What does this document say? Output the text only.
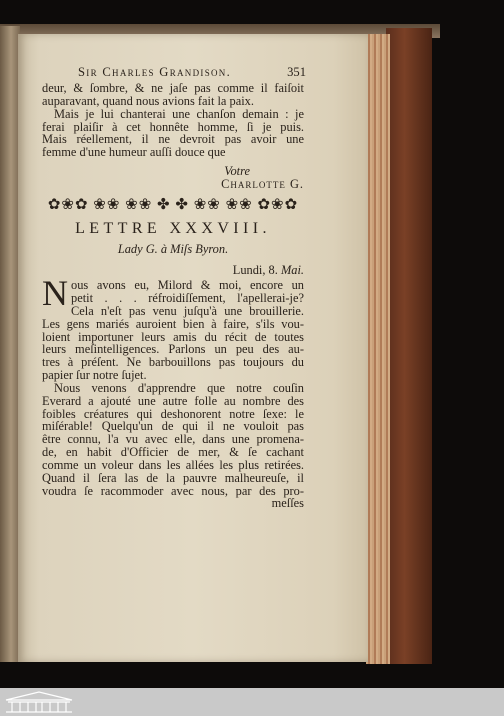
Sir Charles Grandison.	351
deur, & ſombre, & ne jaſe pas comme il faiſoit
auparavant, quand nous avions fait la paix.
Mais je lui chanterai une chanſon demain : je
ferai plaiſir à cet honnête homme, ſi je puis.
Mais réellement, il ne devroit pas avoir une
femme d'une humeur auſſi douce que
Votre
Charlotte G.
✿❀✿ ❀❀ ❀❀ ✤ ✤ ❀❀ ❀❀ ✿❀✿
LETTRE XXXVIII.
Lady G. à Miſs Byron.
Lundi, 8. Mai.
N ous avons eu, Milord & moi, encore un
petit . . . réfroidiſſement, l'apellerai-je?
Cela n'eſt pas venu juſqu'à une brouillerie.
Les gens mariés auroient bien à faire, s'ils vou-
loient importuner leurs amis du récit de toutes
leurs meſintelligences. Parlons un peu des au-
tres à préſent. Ne barbouillons pas toujours du
papier ſur notre ſujet.
Nous venons d'apprendre que notre couſin
Everard a ajouté une autre folle au nombre des
foibles créatures qui deshonorent notre ſexe: le
miſérable! Quelqu'un de qui il ne vouloit pas
être connu, l'a vu avec elle, dans une promena-
de, en habit d'Officier de mer, & ſe cachant
comme un voleur dans les allées les plus retirées.
Quand il ſera las de la pauvre malheureuſe, il
voudra ſe racommoder avec nous, par des pro-
meſſes
